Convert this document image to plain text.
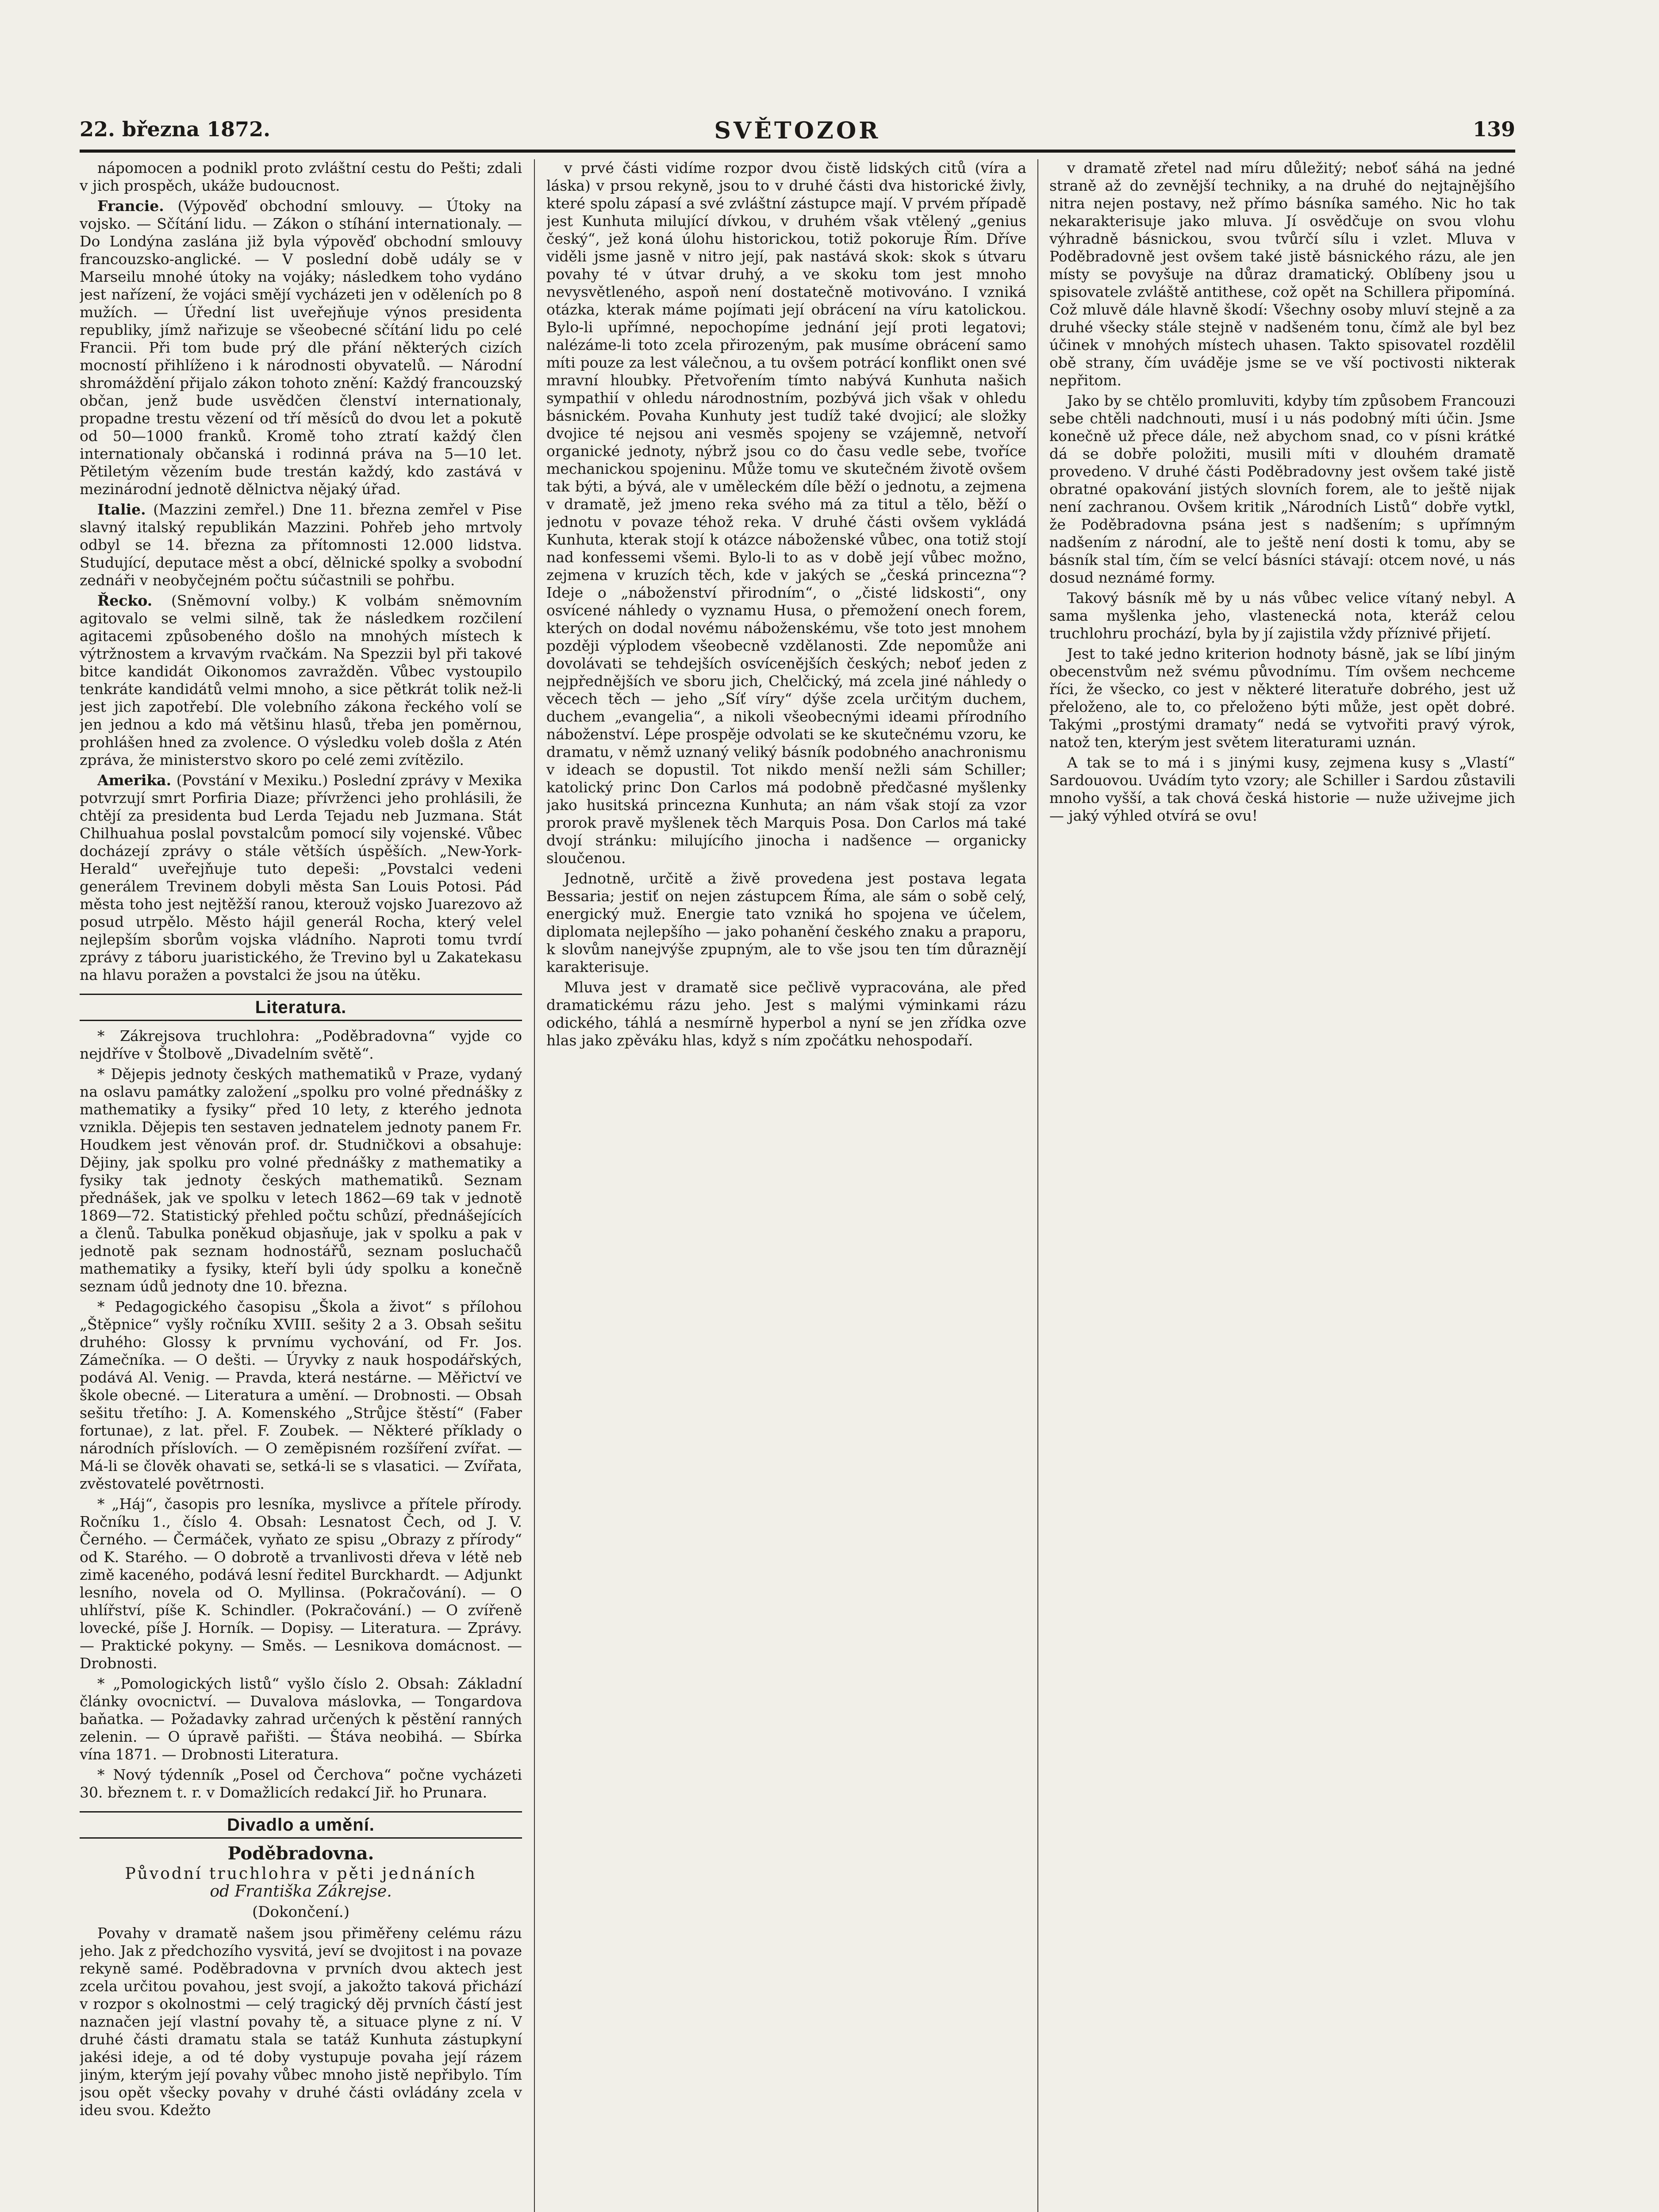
22. března 1872.	SVĚTOZOR	139

nápomocen a podnikl proto zvláštní cestu do Pešti; zdali v jich prospěch, ukáže budoucnost.

Francie. (Výpověď obchodní smlouvy. — Útoky na vojsko. — Sčítání lidu. — Zákon o stíhání internationaly. — Do Londýna zaslána již byla výpověď obchodní smlouvy francouzsko-anglické. — V poslední době udály se v Marseilu mnohé útoky na vojáky; následkem toho vydáno jest nařízení, že vojáci smějí vycházeti jen v oděleních po 8 mužích. — Úřední list uveřejňuje výnos presidenta republiky, jímž nařizuje se všeobecné sčítání lidu po celé Francii. Při tom bude prý dle přání některých cizích mocností přihlíženo i k národnosti obyvatelů. — Národní shromáždění přijalo zákon tohoto znění: Každý francouzský občan, jenž bude usvědčen členství internationaly, propadne trestu vězení od tří měsíců do dvou let a pokutě od 50—1000 franků. Kromě toho ztratí každý člen internationaly občanská i rodinná práva na 5—10 let. Pětiletým vězením bude trestán každý, kdo zastává v mezinárodní jednotě dělnictva nějaký úřad.

Italie. (Mazzini zemřel.) Dne 11. března zemřel v Pise slavný italský republikán Mazzini. Pohřeb jeho mrtvoly odbyl se 14. března za přítomnosti 12.000 lidstva. Studující, deputace měst a obcí, dělnické spolky a svobodní zednáři v neobyčejném počtu súčastnili se pohřbu.

Řecko. (Sněmovní volby.) K volbám sněmovním agitovalo se velmi silně, tak že následkem rozčilení agitacemi způsobeného došlo na mnohých místech k výtržnostem a krvavým rvačkám. Na Spezzii byl při takové bitce kandidát Oikonomos zavražděn. Vůbec vystoupilo tenkráte kandidátů velmi mnoho, a sice pětkrát tolik než-li jest jich zapotřebí. Dle volebního zákona řeckého volí se jen jednou a kdo má většinu hlasů, třeba jen poměrnou, prohlášen hned za zvolence. O výsledku voleb došla z Atén zpráva, že ministerstvo skoro po celé zemi zvítězilo.

Amerika. (Povstání v Mexiku.) Poslední zprávy v Mexika potvrzují smrt Porfiria Diaze; přívrženci jeho prohlásili, že chtějí za presidenta bud Lerda Tejadu neb Juzmana. Stát Chilhuahua poslal povstalcům pomocí sily vojenské. Vůbec docházejí zprávy o stále větších úspěších. „New-York-Herald“ uveřejňuje tuto depeši: „Povstalci vedeni generálem Trevinem dobyli města San Louis Potosi. Pád města toho jest nejtěžší ranou, kterouž vojsko Juarezovo až posud utrpělo. Město hájil generál Rocha, který velel nejlepším sborům vojska vládního. Naproti tomu tvrdí zprávy z táboru juaristického, že Trevino byl u Zakatekasu na hlavu poražen a povstalci že jsou na útěku.

Literatura.

* Zákrejsova truchlohra: „Poděbradovna“ vyjde co nejdříve v Štolbově „Divadelním světě“.

* Dějepis jednoty českých mathematiků v Praze, vydaný na oslavu památky založení „spolku pro volné přednášky z mathematiky a fysiky“ před 10 lety, z kterého jednota vznikla. Dějepis ten sestaven jednatelem jednoty panem Fr. Houdkem jest věnován prof. dr. Studničkovi a obsahuje: Dějiny, jak spolku pro volné přednášky z mathematiky a fysiky tak jednoty českých mathematiků. Seznam přednášek, jak ve spolku v letech 1862—69 tak v jednotě 1869—72. Statistický přehled počtu schůzí, přednášejících a členů. Tabulka poněkud objasňuje, jak v spolku a pak v jednotě pak seznam hodnostářů, seznam posluchačů mathematiky a fysiky, kteří byli údy spolku a konečně seznam údů jednoty dne 10. března.

* Pedagogického časopisu „Škola a život“ s přílohou „Štěpnice“ vyšly ročníku XVIII. sešity 2 a 3. Obsah sešitu druhého: Glossy k prvnímu vychování, od Fr. Jos. Zámečníka. — O dešti. — Úryvky z nauk hospodářských, podává Al. Venig. — Pravda, která nestárne. — Měřictví ve škole obecné. — Literatura a umění. — Drobnosti. — Obsah sešitu třetího: J. A. Komenského „Strůjce štěstí“ (Faber fortunae), z lat. přel. F. Zoubek. — Některé příklady o národních příslovích. — O zeměpisném rozšíření zvířat. — Má-li se člověk ohavati se, setká-li se s vlasatici. — Zvířata, zvěstovatelé povětrnosti.

* „Háj“, časopis pro lesníka, myslivce a přítele přírody. Ročníku 1., číslo 4. Obsah: Lesnatost Čech, od J. V. Černého. — Čermáček, vyňato ze spisu „Obrazy z přírody“ od K. Starého. — O dobrotě a trvanlivosti dřeva v létě neb zimě kaceného, podává lesní ředitel Burckhardt. — Adjunkt lesního, novela od O. Myllinsa. (Pokračování). — O uhlířství, píše K. Schindler. (Pokračování.) — O zvířeně lovecké, píše J. Horník. — Dopisy. — Literatura. — Zprávy. — Praktické pokyny. — Směs. — Lesnikova domácnost. — Drobnosti.

* „Pomologických listů“ vyšlo číslo 2. Obsah: Základní články ovocnictví. — Duvalova máslovka, — Tongardova baňatka. — Požadavky zahrad určených k pěstění ranných zelenin. — O úpravě pařišti. — Štáva neobihá. — Sbírka vína 1871. — Drobnosti Literatura.

* Nový týdenník „Posel od Čerchova“ počne vycházeti 30. březnem t. r. v Domažlicích redakcí Jiř. ho Prunara.

Divadlo a umění.
Poděbradovna.
Původní truchlohra v pěti jednáních
od Františka Zákrejse.
(Dokončení.)

Povahy v dramatě našem jsou přiměřeny celému rázu jeho. Jak z předchozího vysvitá, jeví se dvojitost i na povaze rekyně samé. Poděbradovna v prvních dvou aktech jest zcela určitou povahou, jest svojí, a jakožto taková přichází v rozpor s okolnostmi — celý tragický děj prvních částí jest naznačen její vlastní povahy tě, a situace plyne z ní. V druhé části dramatu stala se tatáž Kunhuta zástupkyní jakési ideje, a od té doby vystupuje povaha její rázem jiným, kterým její povahy vůbec mnoho jistě nepřibylo. Tím jsou opět všecky povahy v druhé části ovládány zcela v ideu svou. Kdežto

v prvé části vidíme rozpor dvou čistě lidských citů (víra a láska) v prsou rekyně, jsou to v druhé části dva historické živly, které spolu zápasí a své zvláštní zástupce mají. V prvém případě jest Kunhuta milující dívkou, v druhém však vtělený „genius český“, jež koná úlohu historickou, totiž pokoruje Řím. Dříve viděli jsme jasně v nitro její, pak nastává skok: skok s útvaru povahy té v útvar druhý, a ve skoku tom jest mnoho nevysvětleného, aspoň není dostatečně motivováno. I vzniká otázka, kterak máme pojímati její obrácení na víru katolickou. Bylo-li upřímné, nepochopíme jednání její proti legatovi; nalézáme-li toto zcela přirozeným, pak musíme obrácení samo míti pouze za lest válečnou, a tu ovšem potrácí konflikt onen své mravní hloubky. Přetvořením tímto nabývá Kunhuta našich sympathií v ohledu národnostním, pozbývá jich však v ohledu básnickém. Povaha Kunhuty jest tudíž také dvojicí; ale složky dvojice té nejsou ani vesměs spojeny se vzájemně, netvoří organické jednoty, nýbrž jsou co do času vedle sebe, tvoříce mechanickou spojeninu. Může tomu ve skutečném životě ovšem tak býti, a bývá, ale v uměleckém díle běží o jednotu, a zejmena v dramatě, jež jmeno reka svého má za titul a tělo, běží o jednotu v povaze téhož reka. V druhé části ovšem vykládá Kunhuta, kterak stojí k otázce náboženské vůbec, ona totiž stojí nad konfessemi všemi. Bylo-li to as v době její vůbec možno, zejmena v kruzích těch, kde v jakých se „česká princezna“? Ideje o „náboženství přirodním“, o „čisté lidskosti“, ony osvícené náhledy o vyznamu Husa, o přemožení onech forem, kterých on dodal novému náboženskému, vše toto jest mnohem později výplodem všeobecně vzdělanosti. Zde nepomůže ani dovolávati se tehdejších osvícenějších českých; neboť jeden z nejpřednějších ve sboru jich, Chelčický, má zcela jiné náhledy o věcech těch — jeho „Síť víry“ dýše zcela určitým duchem, duchem „evangelia“, a nikoli všeobecnými ideami přírodního náboženství. Lépe prospěje odvolati se ke skutečnému vzoru, ke dramatu, v němž uznaný veliký básník podobného anachronismu v ideach se dopustil. Tot nikdo menší nežli sám Schiller; katolický princ Don Carlos má podobně předčasné myšlenky jako husitská princezna Kunhuta; an nám však stojí za vzor prorok pravě myšlenek těch Marquis Posa. Don Carlos má také dvojí stránku: milujícího jinocha i nadšence — organicky sloučenou.

Jednotně, určitě a živě provedena jest postava legata Bessaria; jestiť on nejen zástupcem Říma, ale sám o sobě celý, energický muž. Energie tato vzniká ho spojena ve účelem, diplomata nejlepšího — jako pohanění českého znaku a praporu, k slovům nanejvýše zpupným, ale to vše jsou ten tím důraznějí karakterisuje.

Mluva jest v dramatě sice pečlivě vypracována, ale před dramatickému rázu jeho. Jest s malými výminkami rázu odického, táhlá a nesmírně hyperbol a nyní se jen zřídka ozve hlas jako zpěváku hlas, když s ním zpočátku nehospodaří.

v dramatě zřetel nad míru důležitý; neboť sáhá na jedné straně až do zevnější techniky, a na druhé do nejtajnějšího nitra nejen postavy, než přímo básníka samého. Nic ho tak nekarakterisuje jako mluva. Jí osvědčuje on svou vlohu výhradně básnickou, svou tvůrčí sílu i vzlet. Mluva v Poděbradovně jest ovšem také jistě básnického rázu, ale jen místy se povyšuje na důraz dramatický. Oblíbeny jsou u spisovatele zvláště antithese, což opět na Schillera připomíná. Což mluvě dále hlavně škodí: Všechny osoby mluví stejně a za druhé všecky stále stejně v nadšeném tonu, čímž ale byl bez účinek v mnohých místech uhasen. Takto spisovatel rozdělil obě strany, čím uváděje jsme se ve vší poctivosti nikterak nepřitom.

Jako by se chtělo promluviti, kdyby tím způsobem Francouzi sebe chtěli nadchnouti, musí i u nás podobný míti účin. Jsme konečně už přece dále, než abychom snad, co v písni krátké dá se dobře položiti, musili míti v dlouhém dramatě provedeno. V druhé části Poděbradovny jest ovšem také jistě obratné opakování jistých slovních forem, ale to ještě nijak není zachranou. Ovšem kritik „Národních Listů“ dobře vytkl, že Poděbradovna psána jest s nadšením; s upřímným nadšením z národní, ale to ještě není dosti k tomu, aby se básník stal tím, čím se velcí básníci stávají: otcem nové, u nás dosud neznámé formy.

Takový básník mě by u nás vůbec velice vítaný nebyl. A sama myšlenka jeho, vlastenecká nota, kteráž celou truchlohru prochází, byla by jí zajistila vždy příznivé přijetí.

Jest to také jedno kriterion hodnoty básně, jak se líbí jiným obecenstvům než svému původnímu. Tím ovšem nechceme říci, že všecko, co jest v některé literatuře dobrého, jest už přeloženo, ale to, co přeloženo býti může, jest opět dobré. Takými „prostými dramaty“ nedá se vytvořiti pravý výrok, natož ten, kterým jest světem literaturami uznán.

A tak se to má i s jinými kusy, zejmena kusy s „Vlastí“ Sardouovou. Uvádím tyto vzory; ale Schiller i Sardou zůstavili mnoho vyšší, a tak chová česká historie — nuže uživejme jich — jaký výhled otvírá se ovu!
